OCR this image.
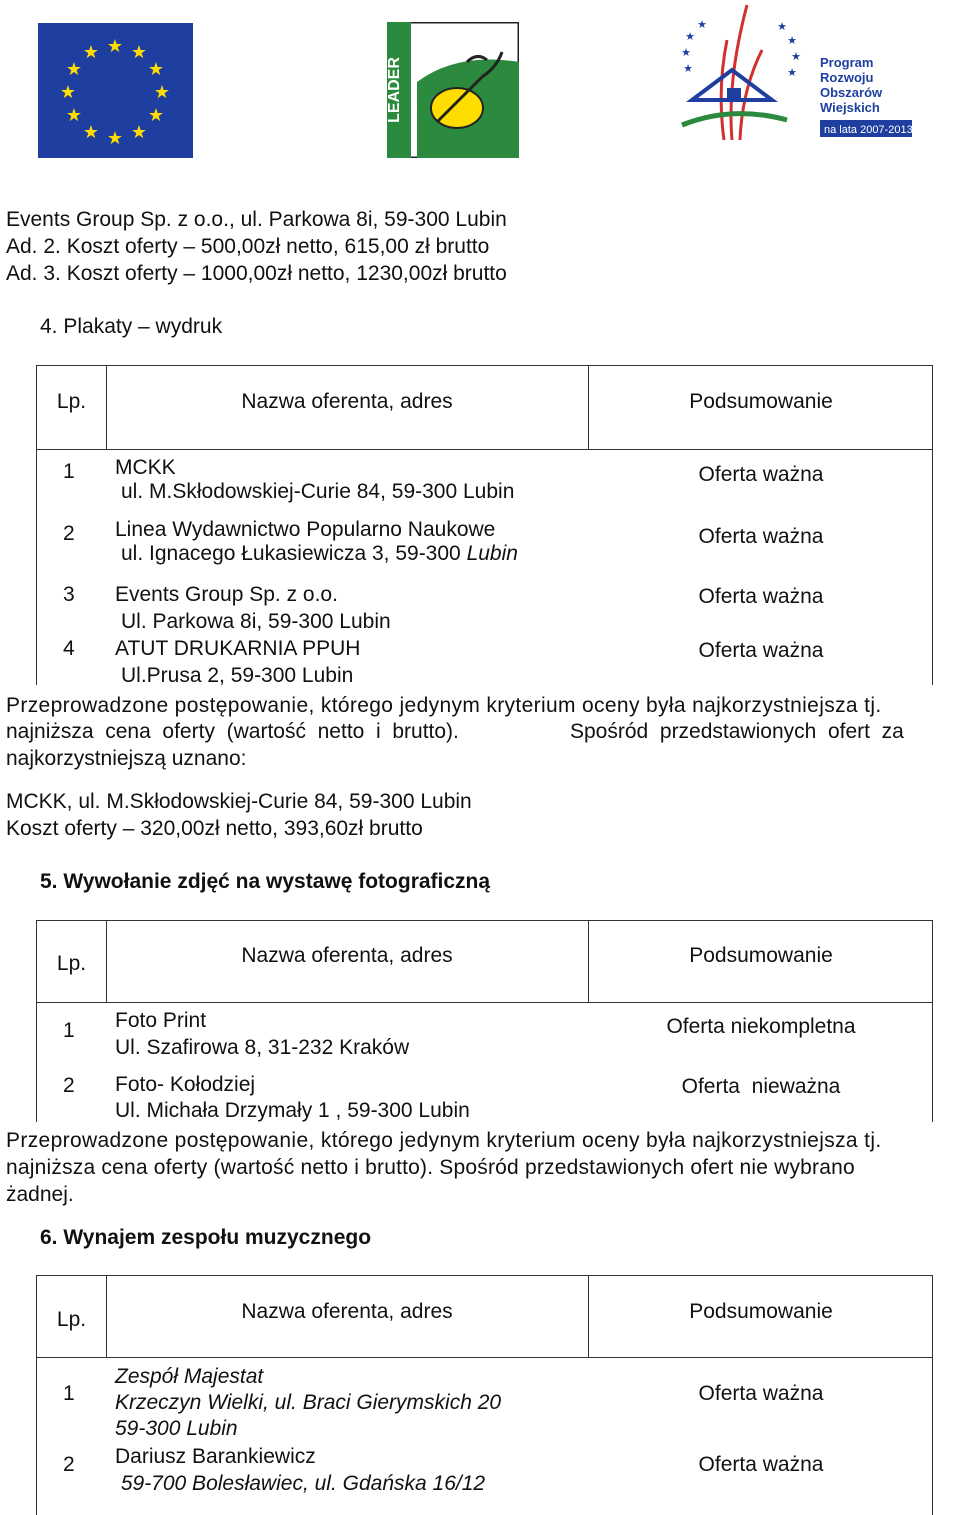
★ ★
★
★
★
★
★
★
★
★
★
★
LEADER
★
★
★
★
★
★
★	★
Program
Rozwoju
Obszarów
Wiejskich
na lata 2007-2013
Events Group Sp. z o.o., ul. Parkowa 8i, 59-300 Lubin
Ad. 2. Koszt oferty – 500,00zł netto, 615,00 zł brutto
Ad. 3. Koszt oferty – 1000,00zł netto, 1230,00zł brutto
4. Plakaty – wydruk
Lp.	Nazwa oferenta, adres	Podsumowanie
1 MCKK
ul. M.Skłodowskiej-Curie 84, 59-300 Lubin
Oferta ważna
2 Linea Wydawnictwo Popularno Naukowe
ul. Ignacego Łukasiewicza 3, 59-300 Lubin
Oferta ważna
3 Events Group Sp. z o.o.
Ul. Parkowa 8i, 59-300 Lubin
Oferta ważna
4 ATUT DRUKARNIA PPUH
Ul.Prusa 2, 59-300 Lubin
Oferta ważna
Przeprowadzone postępowanie, którego jedynym kryterium oceny była najkorzystniejsza tj.
najniższa  cena  oferty  (wartość  netto  i  brutto).	Spośród  przedstawionych  ofert  za
najkorzystniejszą uznano:
MCKK, ul. M.Skłodowskiej-Curie 84, 59-300 Lubin
Koszt oferty – 320,00zł netto, 393,60zł brutto
5. Wywołanie zdjęć na wystawę fotograficzną
Lp.	Nazwa oferenta, adres	Podsumowanie
1 Foto Print
Ul. Szafirowa 8, 31-232 Kraków
Oferta niekompletna
2 Foto- Kołodziej
Ul. Michała Drzymały 1 , 59-300 Lubin
Oferta  nieważna
Przeprowadzone postępowanie, którego jedynym kryterium oceny była najkorzystniejsza tj.
najniższa cena oferty (wartość netto i brutto). Spośród przedstawionych ofert nie wybrano
żadnej.
6. Wynajem zespołu muzycznego
Lp.	Nazwa oferenta, adres	Podsumowanie
1
Zespół Majestat
Krzeczyn Wielki, ul. Braci Gierymskich 20
59-300 Lubin
Oferta ważna
2 Dariusz Barankiewicz
59-700 Bolesławiec, ul. Gdańska 16/12
Oferta ważna
